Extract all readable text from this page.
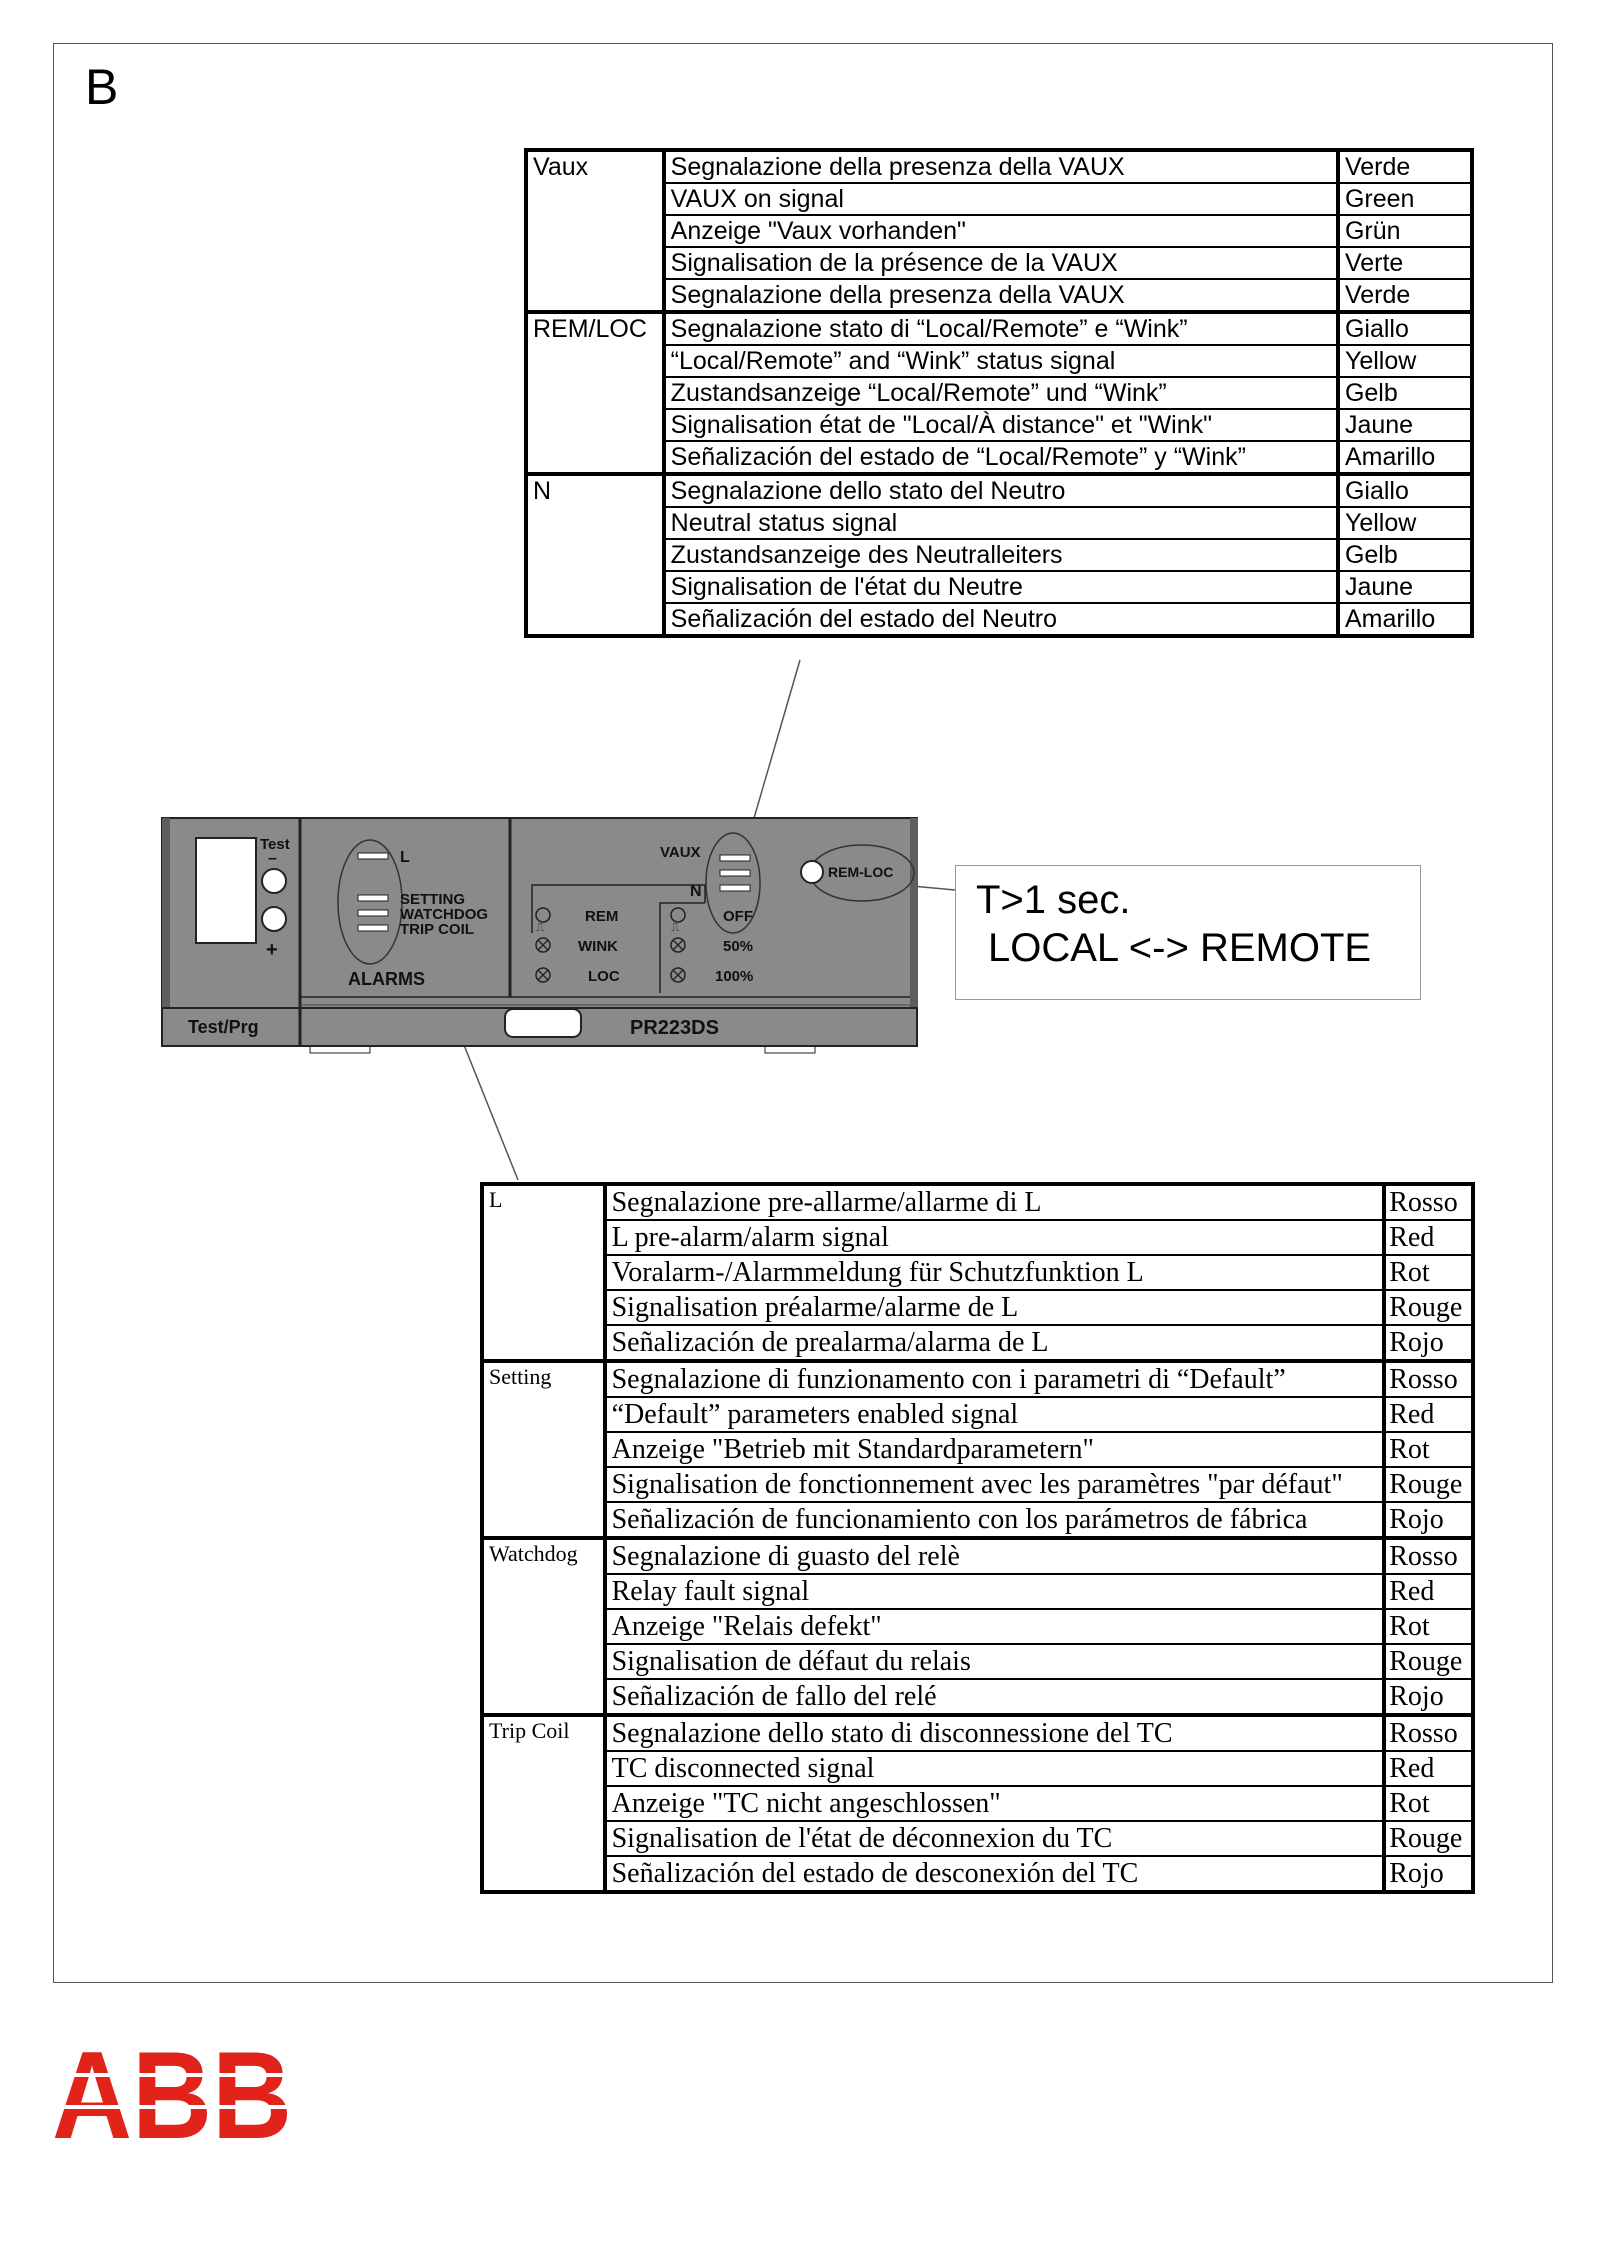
B
Vaux	Segnalazione della presenza della VAUX	Verde
	VAUX on signal	Green
	Anzeige "Vaux vorhanden"	Grün
	Signalisation de la présence de la VAUX	Verte
	Segnalazione della presenza della VAUX	Verde
REM/LOC	Segnalazione stato di “Local/Remote” e “Wink”	Giallo
	“Local/Remote” and “Wink” status signal	Yellow
	Zustandsanzeige “Local/Remote” und “Wink”	Gelb
	Signalisation état de "Local/À distance" et "Wink"	Jaune
	Señalización del estado de “Local/Remote” y “Wink”	Amarillo
N	Segnalazione dello stato del Neutro	Giallo
	Neutral status signal	Yellow
	Zustandsanzeige des Neutralleiters	Gelb
	Signalisation de l'état du Neutre	Jaune
	Señalización del estado del Neutro	Amarillo
T>1 sec.
LOCAL <-> REMOTE
Test
–
+
Test/Prg
L
SETTING
WATCHDOG
TRIP COIL
ALARMS
VAUX
N
REM-LOC
⎍
REM
WINK
LOC
⎍
OFF
50%
100%
PR223DS
L	Segnalazione pre-allarme/allarme di L	Rosso
	L pre-alarm/alarm signal	Red
	Voralarm-/Alarmmeldung für Schutzfunktion L	Rot
	Signalisation préalarme/alarme de L	Rouge
	Señalización de prealarma/alarma de L	Rojo
Setting	Segnalazione di funzionamento con i parametri di “Default”	Rosso
	“Default” parameters enabled signal	Red
	Anzeige "Betrieb mit Standardparametern"	Rot
	Signalisation de fonctionnement avec les paramètres "par défaut"	Rouge
	Señalización de funcionamiento con los parámetros de fábrica	Rojo
Watchdog	Segnalazione di guasto del relè	Rosso
	Relay fault signal	Red
	Anzeige "Relais defekt"	Rot
	Signalisation de défaut du relais	Rouge
	Señalización de fallo del relé	Rojo
Trip Coil	Segnalazione dello stato di disconnessione del TC	Rosso
	TC disconnected signal	Red
	Anzeige "TC nicht angeschlossen"	Rot
	Signalisation de l'état de déconnexion du TC	Rouge
	Señalización del estado de desconexión del TC	Rojo
